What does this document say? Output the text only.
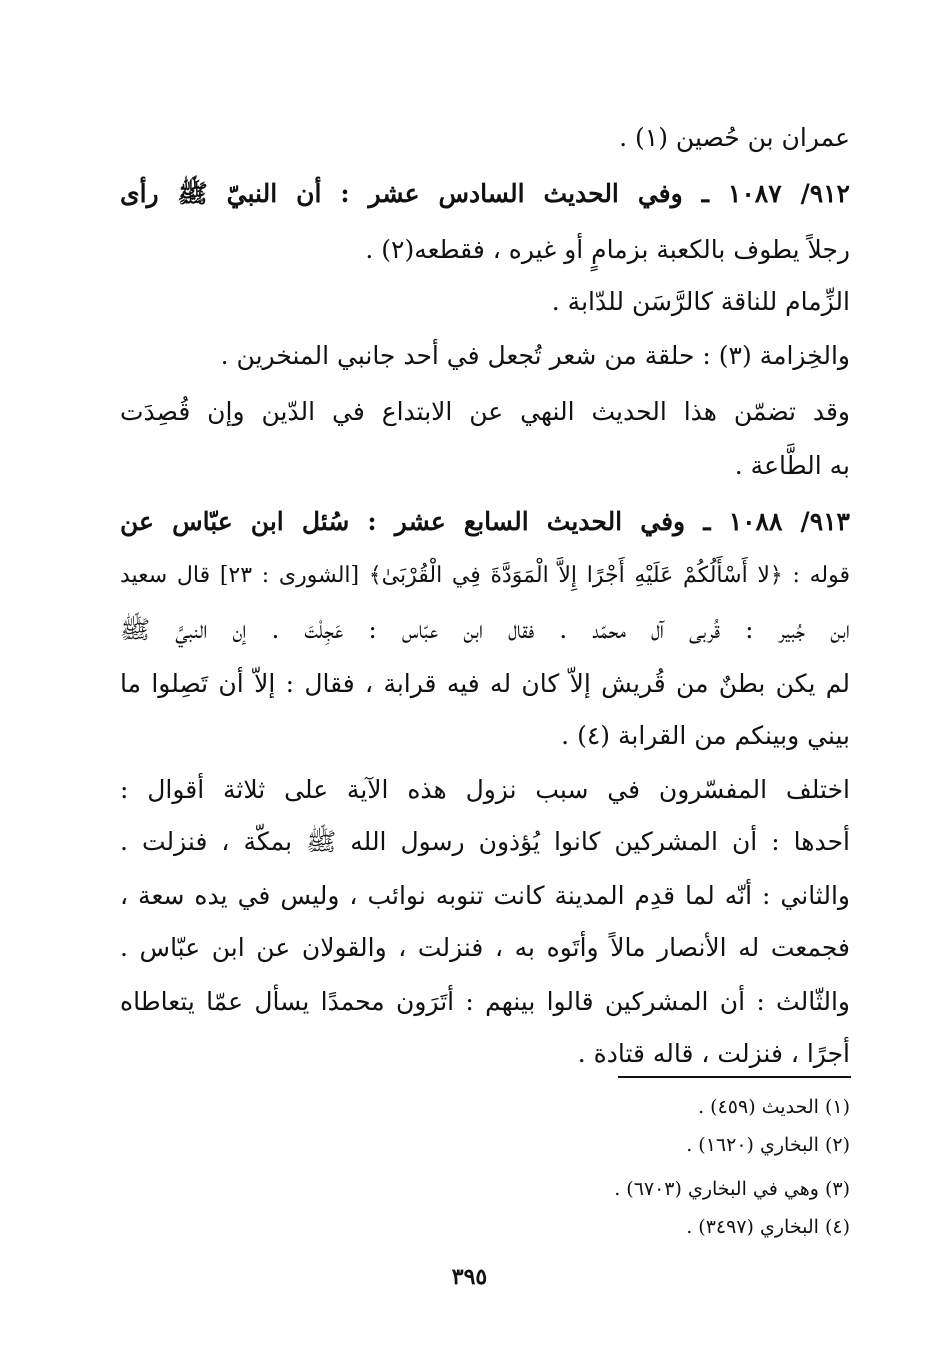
عمران بن حُصين (١) .
٩١٢/ ١٠٨٧ ـ وفي الحديث السادس عشر : أن النبيّ ﷺ رأى
رجلاً يطوف بالكعبة بزمامٍ أو غيره ، فقطعه(٢) .
الزِّمام للناقة كالرَّسَن للدّابة .
والخِزامة (٣) : حلقة من شعر تُجعل في أحد جانبي المنخرين .
وقد تضمّن هذا الحديث النهي عن الابتداع في الدّين وإن قُصِدَت
به الطَّاعة .
٩١٣/ ١٠٨٨ ـ وفي الحديث السابع عشر : سُئل ابن عبّاس عن
قوله : ﴿لا أَسْأَلُكُمْ عَلَيْهِ أَجْرًا إِلاَّ الْمَوَدَّةَ فِي الْقُرْبَىٰ﴾ [الشورى : ٢٣] قال سعيد
ابن جُبير : قُربى آل محمّد . فقال ابن عبّاس : عَجِلْتَ . إن النبيَّ ﷺ
لم يكن بطنٌ من قُريش إلاّ كان له فيه قرابة ، فقال : إلاّ أن تَصِلوا ما
بيني وبينكم من القرابة (٤) .
اختلف المفسّرون في سبب نزول هذه الآية على ثلاثة أقوال :
أحدها : أن المشركين كانوا يُؤذون رسول الله ﷺ بمكّة ، فنزلت .
والثاني : أنّه لما قدِم المدينة كانت تنوبه نوائب ، وليس في يده سعة ،
فجمعت له الأنصار مالاً وأتَوه به ، فنزلت ، والقولان عن ابن عبّاس .
والثّالث : أن المشركين قالوا بينهم : أتَرَون محمدًا يسأل عمّا يتعاطاه
أجرًا ، فنزلت ، قاله قتادة .
(١) الحديث (٤٥٩) .
(٢) البخاري (١٦٢٠) .
(٣) وهي في البخاري (٦٧٠٣) .
(٤) البخاري (٣٤٩٧) .
٣٩٥
